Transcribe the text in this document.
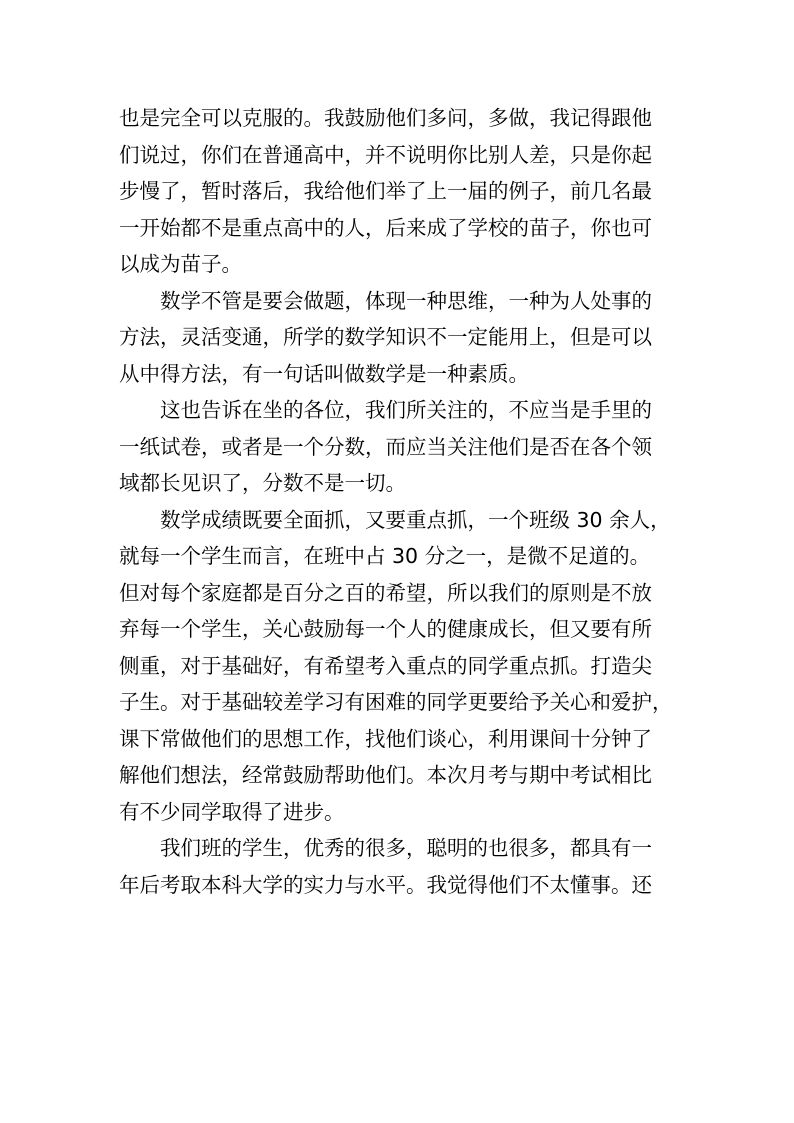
也是完全可以克服的。我鼓励他们多问，多做，我记得跟他
们说过，你们在普通高中，并不说明你比别人差，只是你起
步慢了，暂时落后，我给他们举了上一届的例子，前几名最
一开始都不是重点高中的人，后来成了学校的苗子，你也可
以成为苗子。
数学不管是要会做题，体现一种思维，一种为人处事的
方法，灵活变通，所学的数学知识不一定能用上，但是可以
从中得方法，有一句话叫做数学是一种素质。
这也告诉在坐的各位，我们所关注的，不应当是手里的
一纸试卷，或者是一个分数，而应当关注他们是否在各个领
域都长见识了，分数不是一切。
数学成绩既要全面抓，又要重点抓，一个班级 30 余人，
就每一个学生而言，在班中占 30 分之一，是微不足道的。
但对每个家庭都是百分之百的希望，所以我们的原则是不放
弃每一个学生，关心鼓励每一个人的健康成长，但又要有所
侧重，对于基础好，有希望考入重点的同学重点抓。打造尖
子生。对于基础较差学习有困难的同学更要给予关心和爱护，
课下常做他们的思想工作，找他们谈心，利用课间十分钟了
解他们想法，经常鼓励帮助他们。本次月考与期中考试相比
有不少同学取得了进步。
我们班的学生，优秀的很多，聪明的也很多，都具有一
年后考取本科大学的实力与水平。我觉得他们不太懂事。还
